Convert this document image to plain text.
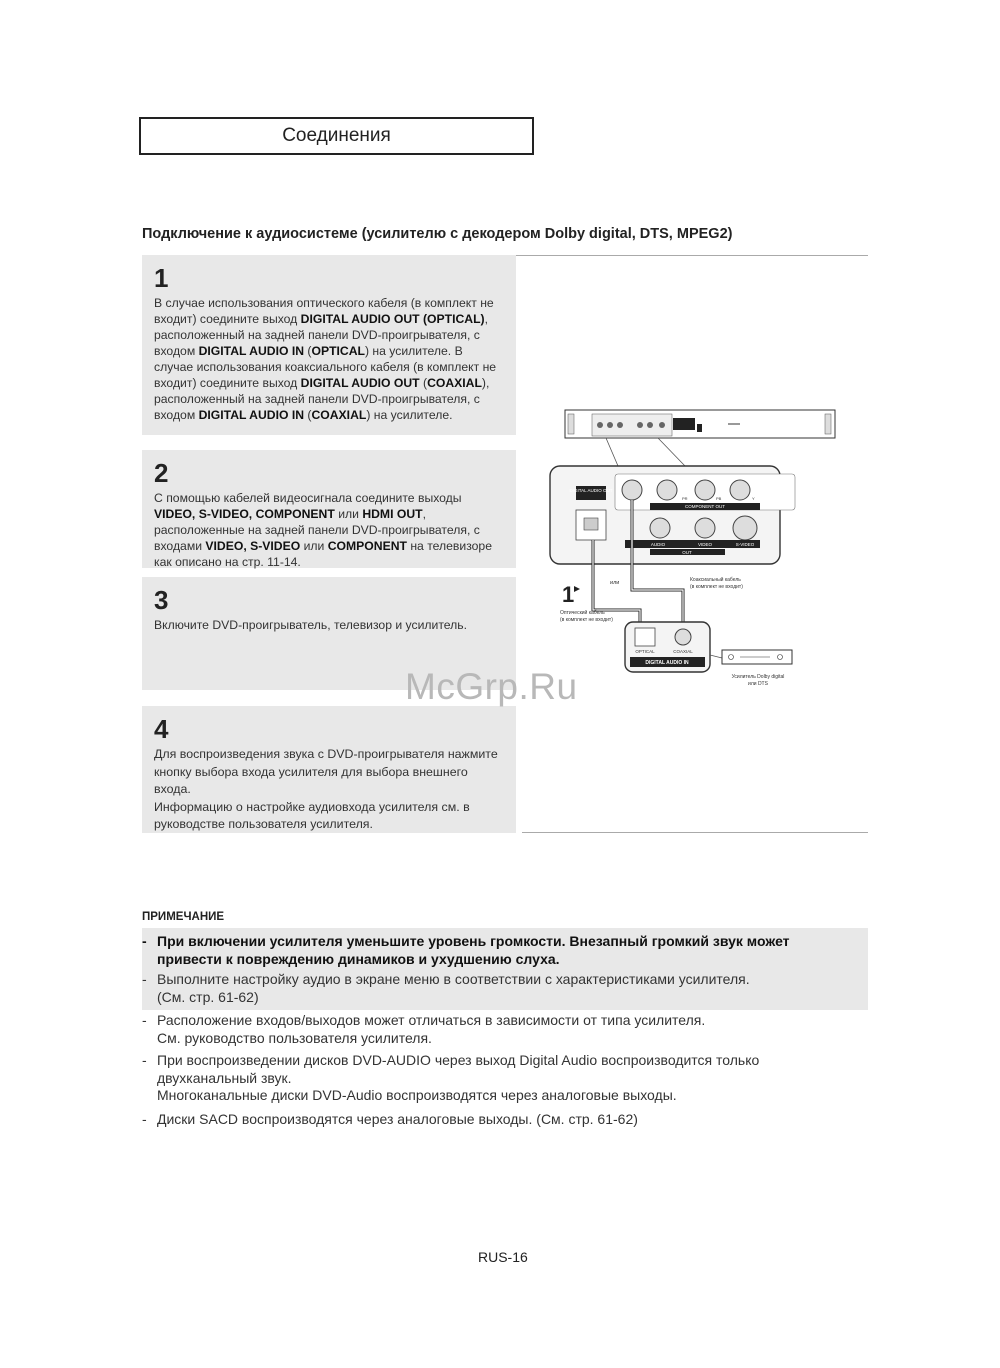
Соединения
Подключение к аудиосистеме (усилителю с декодером Dolby digital, DTS, MPEG2)
1
В случае использования оптического кабеля (в комплект не входит) соедините выход DIGITAL AUDIO OUT (OPTICAL), расположенный на задней панели DVD-проигрывателя, с входом DIGITAL AUDIO IN (OPTICAL) на усилителе. В случае использования коаксиального кабеля (в комплект не входит) соедините выход DIGITAL AUDIO OUT (COAXIAL), расположенный на задней панели DVD-проигрывателя, с входом DIGITAL AUDIO IN (COAXIAL) на усилителе.
2
С помощью кабелей видеосигнала соедините выходы VIDEO, S-VIDEO, COMPONENT или HDMI OUT, расположенные на задней панели DVD-проигрывателя, с входами VIDEO, S-VIDEO или COMPONENT на телевизоре как описано на стр. 11-14.
3
Включите DVD-проигрыватель, телевизор и усилитель.
4
Для воспроизведения звука с DVD-проигрывателя нажмите кнопку выбора входа усилителя для выбора внешнего входа.
Информацию о настройке аудиовхода усилителя см. в руководстве пользователя усилителя.
DIGITAL AUDIO OUT
PR	PB	Y
COMPONENT OUT
AUDIO	VIDEO	S-VIDEO
OUT
1	или	Коаксиальный кабель
(в комплект не входит)
Оптический кабель
(в комплект не входит)
OPTICAL	COAXIAL
DIGITAL AUDIO IN
Усилитель Dolby digital
или DTS
McGrp.Ru
ПРИМЕЧАНИЕ
- При включении усилителя уменьшите уровень громкости. Внезапный громкий звук может
привести к повреждению динамиков и ухудшению слуха.
- Выполните настройку аудио в экране меню в соответствии с характеристиками усилителя.
(См. стр. 61-62)
- Расположение входов/выходов может отличаться в зависимости от типа усилителя.
См. руководство пользователя усилителя.
- При воспроизведении дисков DVD-AUDIO через выход Digital Audio воспроизводится только
двухканальный звук.
Многоканальные диски DVD-Audio воспроизводятся через аналоговые выходы.
- Диски SACD воспроизводятся через аналоговые выходы. (См. стр. 61-62)
RUS-16
